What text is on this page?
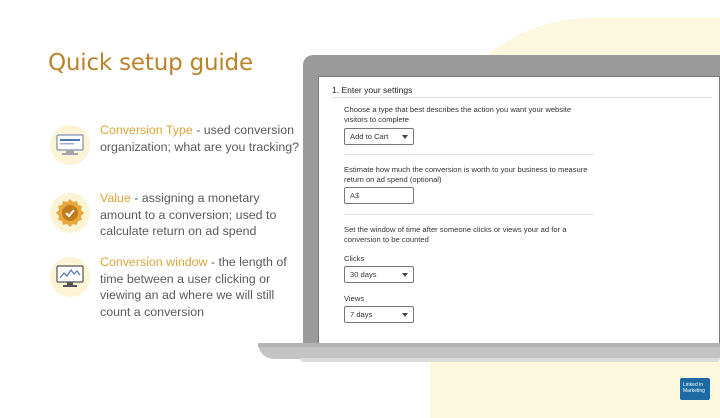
Quick setup guide
Conversion Type - used conversion organization; what are you tracking?
Value - assigning a monetary amount to a conversion; used to calculate return on ad spend
Conversion window - the length of time between a user clicking or viewing an ad where we will still count a conversion
1. Enter your settings
Choose a type that best describes the action you want your website visitors to complete
Add to Cart
Estimate how much the conversion is worth to your business to measure return on ad spend (optional)
A$
Set the window of time after someone clicks or views your ad for a conversion to be counted
Clicks
30 days
Views
7 days
Linked in
Marketing
